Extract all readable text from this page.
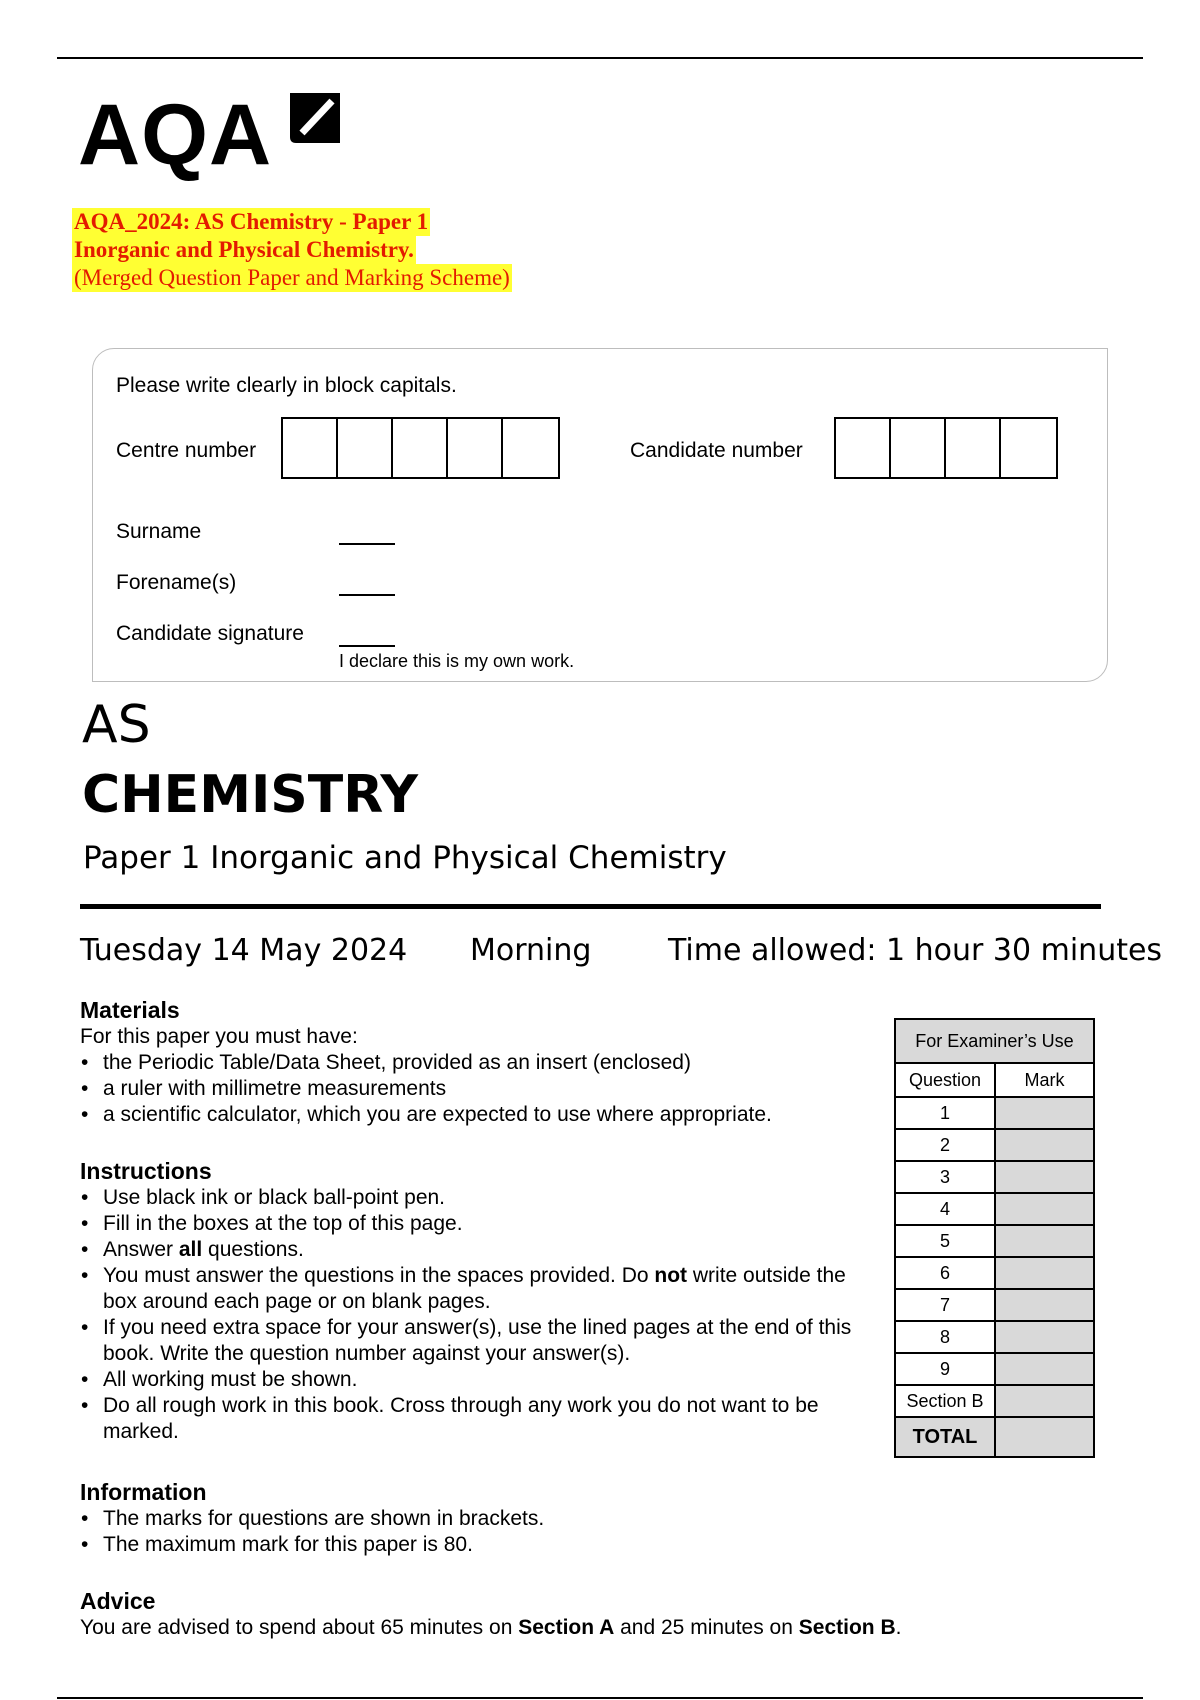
AQA
AQA_2024: AS Chemistry - Paper 1
Inorganic and Physical Chemistry.
(Merged Question Paper and Marking Scheme)
Please write clearly in block capitals.
Centre number	Candidate number
Surname
Forename(s)
Candidate signature
I declare this is my own work.
AS
CHEMISTRY
Paper 1 Inorganic and Physical Chemistry
Tuesday 14 May 2024 Morning	Time allowed: 1 hour 30 minutes
Materials

For this paper you must have:

• the Periodic Table/Data Sheet, provided as an insert (enclosed)
• a ruler with millimetre measurements
• a scientific calculator, which you are expected to use where appropriate.
Instructions
• Use black ink or black ball-point pen.
• Fill in the boxes at the top of this page.
• Answer all questions.
• You must answer the questions in the spaces provided. Do not write outside the box around each page or on blank pages.
• If you need extra space for your answer(s), use the lined pages at the end of this book. Write the question number against your answer(s).
• All working must be shown.
• Do all rough work in this book. Cross through any work you do not want to be marked.
Information
• The marks for questions are shown in brackets.
• The maximum mark for this paper is 80.
Advice

You are advised to spend about 65 minutes on Section A and 25 minutes on Section B.

For Examiner’s Use	
Question	Mark
1	
2	
3	
4	
5	
6	
7	
8	
9	
Section B	
TOTAL	
